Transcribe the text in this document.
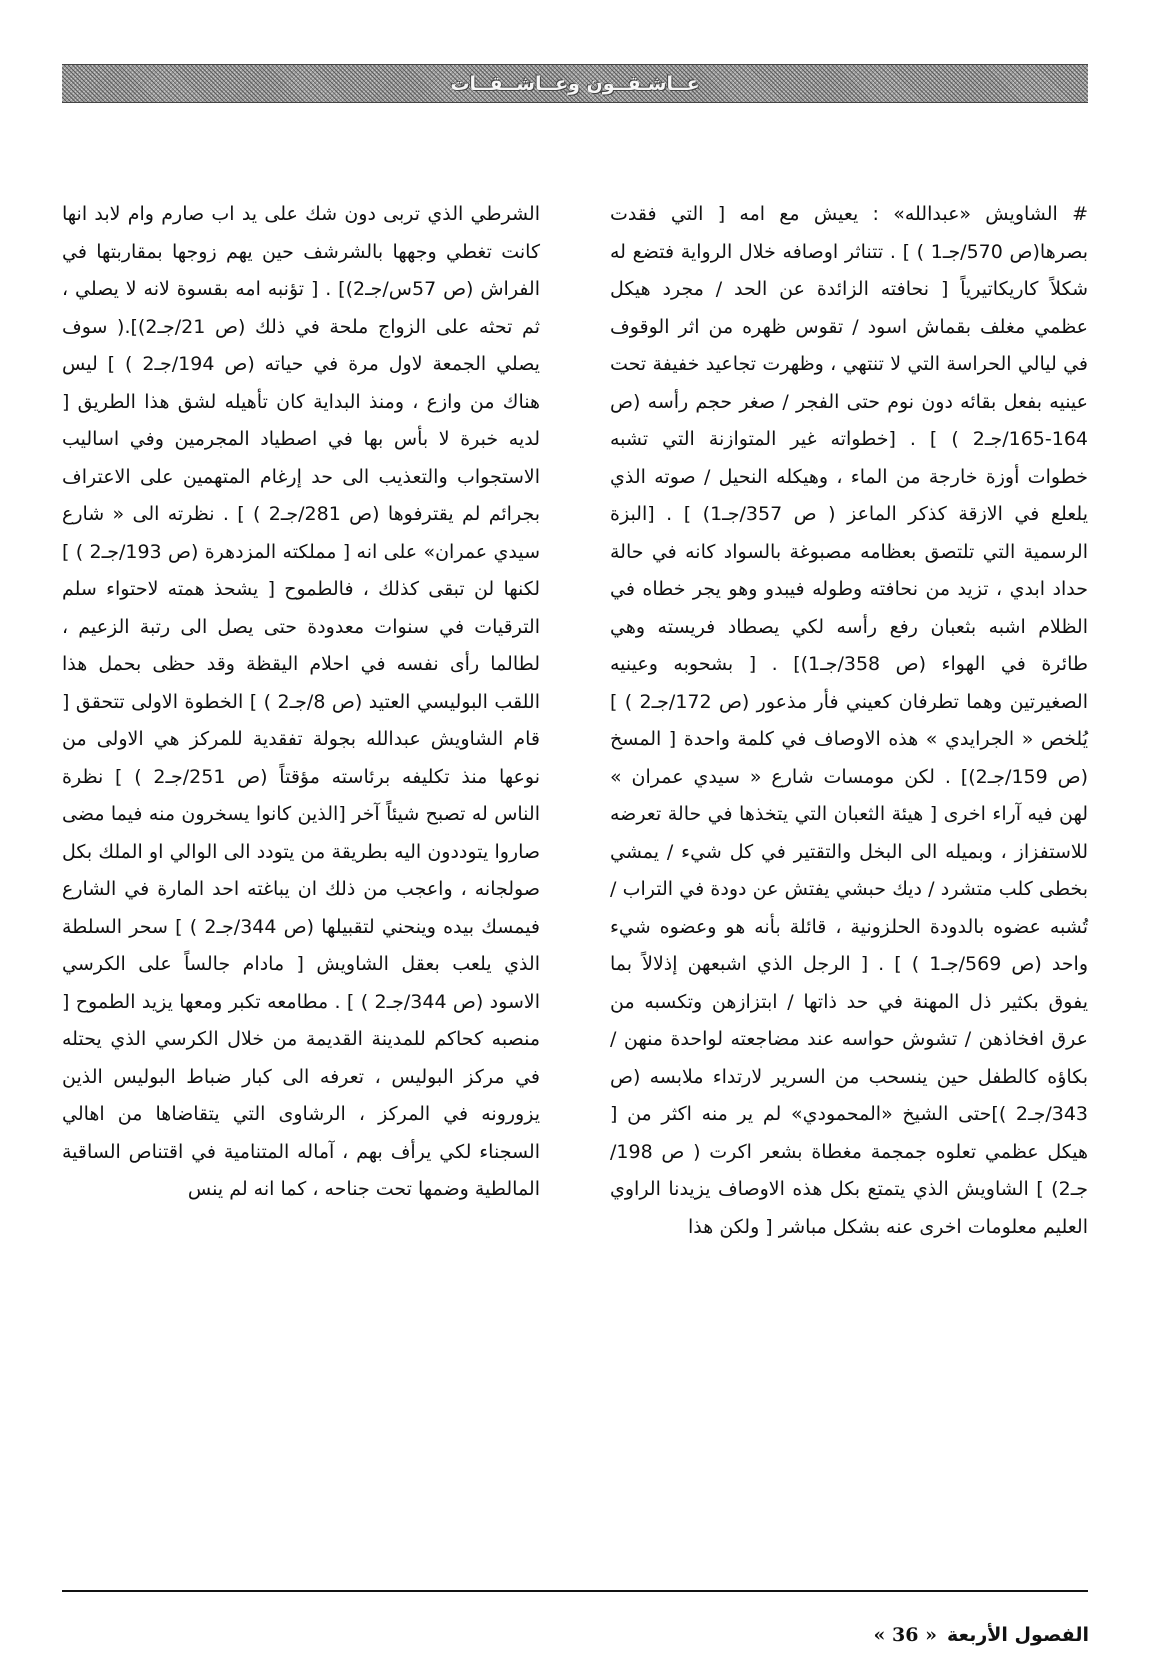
عــاشـقــون وعــاشــقــات

# الشاويش «عبدالله» : يعيش مع امه [ التي فقدت بصرها(ص 570/جـ1 ) ] . تتناثر اوصافه خلال الرواية فتضع له شكلاً كاريكاتيرياً [ نحافته الزائدة عن الحد / مجرد هيكل عظمي مغلف بقماش اسود / تقوس ظهره من اثر الوقوف في ليالي الحراسة التي لا تنتهي ، وظهرت تجاعيد خفيفة تحت عينيه بفعل بقائه دون نوم حتى الفجر / صغر حجم رأسه (ص 164-165/جـ2 ) ] . [خطواته غير المتوازنة التي تشبه خطوات أوزة خارجة من الماء ، وهيكله النحيل / صوته الذي يلعلع في الازقة كذكر الماعز ( ص 357/جـ1) ] . [البزة الرسمية التي تلتصق بعظامه مصبوغة بالسواد كانه في حالة حداد ابدي ، تزيد من نحافته وطوله فيبدو وهو يجر خطاه في الظلام اشبه بثعبان رفع رأسه لكي يصطاد فريسته وهي طائرة في الهواء (ص 358/جـ1)] . [ بشحوبه وعينيه الصغيرتين وهما تطرفان كعيني فأر مذعور (ص 172/جـ2 ) ] يُلخص « الجرايدي » هذه الاوصاف في كلمة واحدة [ المسخ (ص 159/جـ2)] . لكن مومسات شارع « سيدي عمران » لهن فيه آراء اخرى [ هيئة الثعبان التي يتخذها في حالة تعرضه للاستفزاز ، وبميله الى البخل والتقتير في كل شيء / يمشي بخطى كلب متشرد / ديك حبشي يفتش عن دودة في التراب / تُشبه عضوه بالدودة الحلزونية ، قائلة بأنه هو وعضوه شيء واحد (ص 569/جـ1 ) ] . [ الرجل الذي اشبعهن إذلالاً بما يفوق بكثير ذل المهنة في حد ذاتها / ابتزازهن وتكسبه من عرق افخاذهن / تشوش حواسه عند مضاجعته لواحدة منهن / بكاؤه كالطفل حين ينسحب من السرير لارتداء ملابسه (ص 343/جـ2 )]حتى الشيخ «المحمودي» لم ير منه اكثر من [ هيكل عظمي تعلوه جمجمة مغطاة بشعر اكرت ( ص 198/جـ2) ] الشاويش الذي يتمتع بكل هذه الاوصاف يزيدنا الراوي العليم معلومات اخرى عنه بشكل مباشر [ ولكن هذا

الشرطي الذي تربى دون شك على يد اب صارم وام لابد انها كانت تغطي وجهها بالشرشف حين يهم زوجها بمقاربتها في الفراش (ص 57س/جـ2)] . [ تؤنبه امه بقسوة لانه لا يصلي ، ثم تحثه على الزواج ملحة في ذلك (ص 21/جـ2)].( سوف يصلي الجمعة لاول مرة في حياته (ص 194/جـ2 ) ] ليس هناك من وازع ، ومنذ البداية كان تأهيله لشق هذا الطريق [ لديه خبرة لا بأس بها في اصطياد المجرمين وفي اساليب الاستجواب والتعذيب الى حد إرغام المتهمين على الاعتراف بجرائم لم يقترفوها (ص 281/جـ2 ) ] . نظرته الى « شارع سيدي عمران» على انه [ مملكته المزدهرة (ص 193/جـ2 ) ] لكنها لن تبقى كذلك ، فالطموح [ يشحذ همته لاحتواء سلم الترقيات في سنوات معدودة حتى يصل الى رتبة الزعيم ، لطالما رأى نفسه في احلام اليقظة وقد حظى بحمل هذا اللقب البوليسي العتيد (ص 8/جـ2 ) ] الخطوة الاولى تتحقق [ قام الشاويش عبدالله بجولة تفقدية للمركز هي الاولى من نوعها منذ تكليفه برئاسته مؤقتاً (ص 251/جـ2 ) ] نظرة الناس له تصبح شيئاً آخر [الذين كانوا يسخرون منه فيما مضى صاروا يتوددون اليه بطريقة من يتودد الى الوالي او الملك بكل صولجانه ، واعجب من ذلك ان يباغته احد المارة في الشارع فيمسك بيده وينحني لتقبيلها (ص 344/جـ2 ) ] سحر السلطة الذي يلعب بعقل الشاويش [ مادام جالساً على الكرسي الاسود (ص 344/جـ2 ) ] . مطامعه تكبر ومعها يزيد الطموح [ منصبه كحاكم للمدينة القديمة من خلال الكرسي الذي يحتله في مركز البوليس ، تعرفه الى كبار ضباط البوليس الذين يزورونه في المركز ، الرشاوى التي يتقاضاها من اهالي السجناء لكي يرأف بهم ، آماله المتنامية في اقتناص الساقية المالطية وضمها تحت جناحه ، كما انه لم ينس

الفصول الأربعة
« 36 »
